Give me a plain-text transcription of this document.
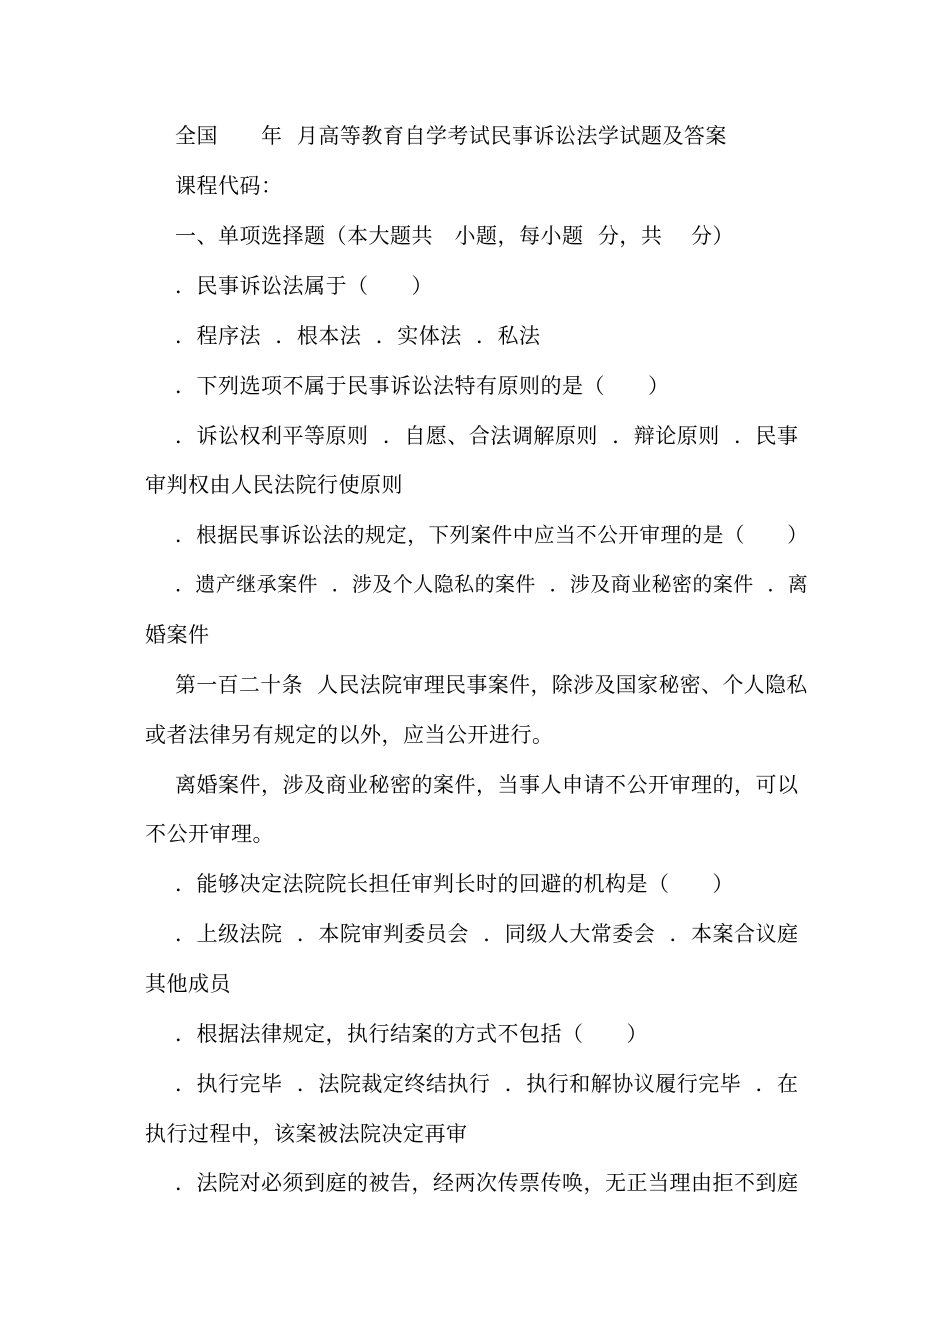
全国　　年  月高等教育自学考试民事诉讼法学试题及答案
课程代码：
一、单项选择题（本大题共　小题，每小题  分，共　 分）
．民事诉讼法属于（　　）
．程序法  ．根本法  ．实体法  ．私法
．下列选项不属于民事诉讼法特有原则的是（　　）
．诉讼权利平等原则  ．自愿、合法调解原则  ．辩论原则  ．民事
审判权由人民法院行使原则
．根据民事诉讼法的规定，下列案件中应当不公开审理的是（　　）
．遗产继承案件  ．涉及个人隐私的案件  ．涉及商业秘密的案件  ．离
婚案件
第一百二十条  人民法院审理民事案件，除涉及国家秘密、个人隐私
或者法律另有规定的以外，应当公开进行。
离婚案件，涉及商业秘密的案件，当事人申请不公开审理的，可以
不公开审理。
．能够决定法院院长担任审判长时的回避的机构是（　　）
．上级法院  ．本院审判委员会  ．同级人大常委会  ．本案合议庭
其他成员
．根据法律规定，执行结案的方式不包括（　　）
．执行完毕  ．法院裁定终结执行  ．执行和解协议履行完毕  ．在
执行过程中，该案被法院决定再审
．法院对必须到庭的被告，经两次传票传唤，无正当理由拒不到庭
